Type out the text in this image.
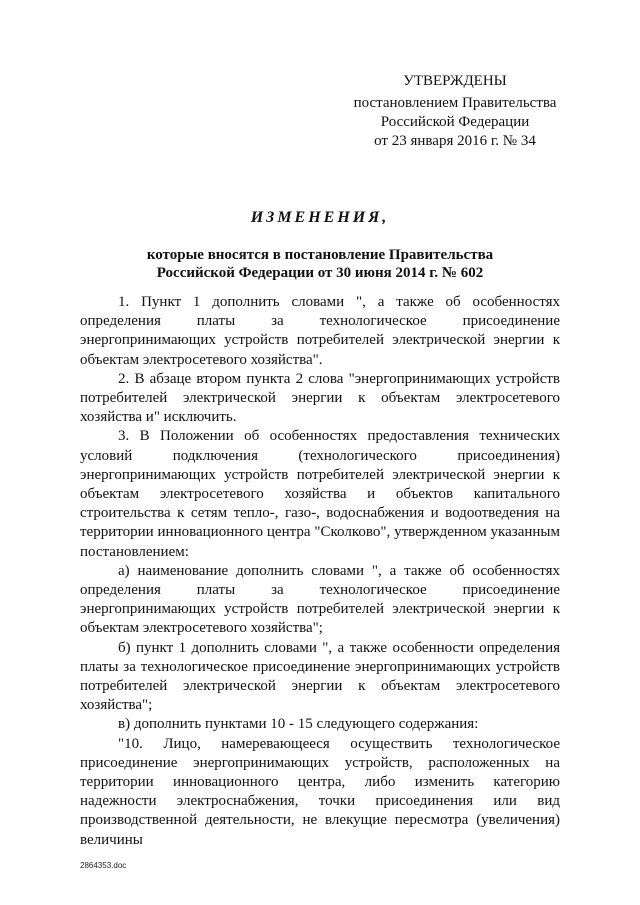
УТВЕРЖДЕНЫ
постановлением Правительства
Российской Федерации
от 23 января 2016 г. № 34
ИЗМЕНЕНИЯ,
которые вносятся в постановление Правительства
Российской Федерации от 30 июня 2014 г. № 602

1. Пункт 1 дополнить словами ", а также об особенностях определения платы за технологическое присоединение энергопринимающих устройств потребителей электрической энергии к объектам электросетевого хозяйства".

2. В абзаце втором пункта 2 слова "энергопринимающих устройств потребителей электрической энергии к объектам электросетевого хозяйства и" исключить.

3. В Положении об особенностях предоставления технических условий подключения (технологического присоединения) энергопринимающих устройств потребителей электрической энергии к объектам электросетевого хозяйства и объектов капитального строительства к сетям тепло-, газо-, водоснабжения и водоотведения на территории инновационного центра "Сколково", утвержденном указанным постановлением:

а) наименование дополнить словами ", а также об особенностях определения платы за технологическое присоединение энергопринимающих устройств потребителей электрической энергии к объектам электросетевого хозяйства";

б) пункт 1 дополнить словами ", а также особенности определения платы за технологическое присоединение энергопринимающих устройств потребителей электрической энергии к объектам электросетевого хозяйства";

в) дополнить пунктами 10 - 15 следующего содержания:

"10. Лицо, намеревающееся осуществить технологическое присоединение энергопринимающих устройств, расположенных на территории инновационного центра, либо изменить категорию надежности электроснабжения, точки присоединения или вид производственной деятельности, не влекущие пересмотра (увеличения) величины

2864353.doc
